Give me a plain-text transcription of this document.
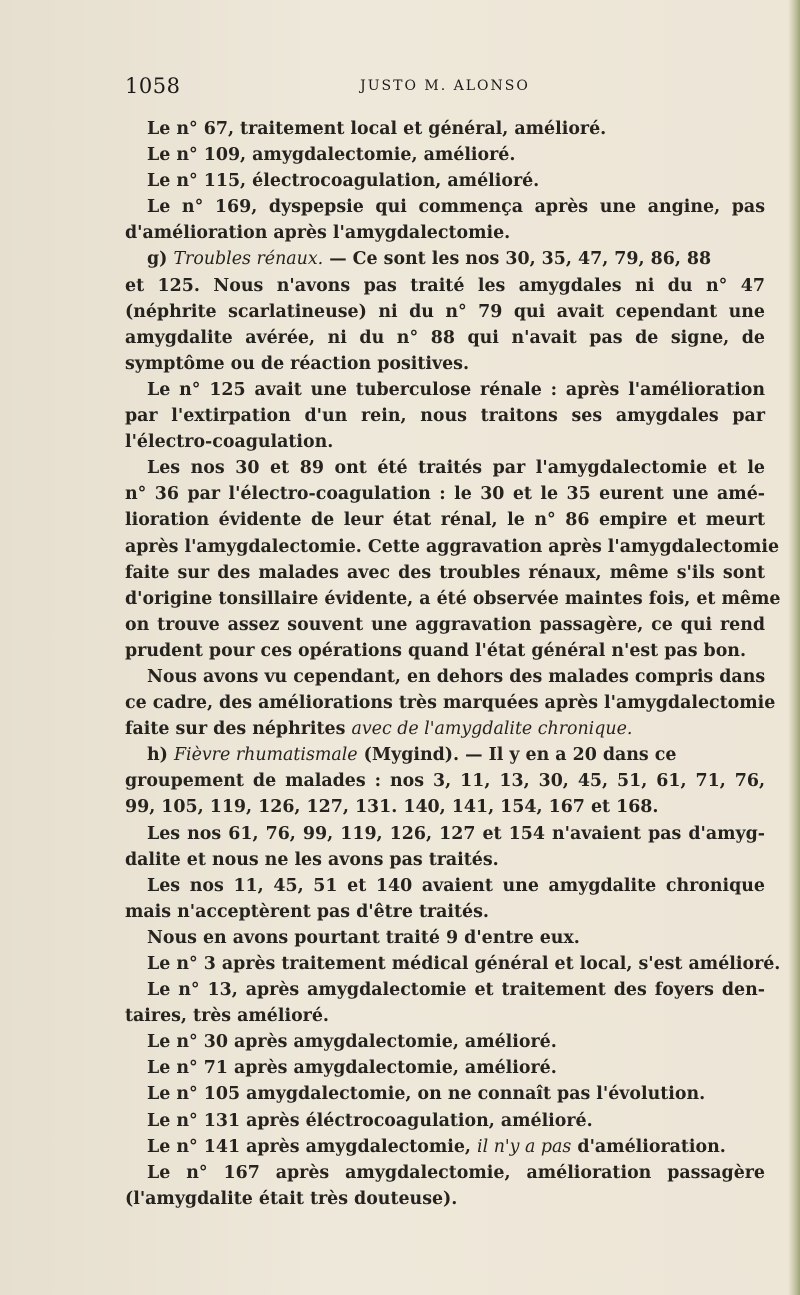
1058	JUSTO M. ALONSO
Le n° 67, traitement local et général, amélioré.
Le n° 109, amygdalectomie, amélioré.
Le n° 115, électrocoagulation, amélioré.
Le n° 169, dyspepsie qui commença après une angine, pas
d'amélioration après l'amygdalectomie.
g) Troubles rénaux. — Ce sont les nos 30, 35, 47, 79, 86, 88
et 125. Nous n'avons pas traité les amygdales ni du n° 47
(néphrite scarlatineuse) ni du n° 79 qui avait cependant une
amygdalite avérée, ni du n° 88 qui n'avait pas de signe, de
symptôme ou de réaction positives.
Le n° 125 avait une tuberculose rénale : après l'amélioration
par l'extirpation d'un rein, nous traitons ses amygdales par
l'électro-coagulation.
Les nos 30 et 89 ont été traités par l'amygdalectomie et le
n° 36 par l'électro-coagulation : le 30 et le 35 eurent une amé-
lioration évidente de leur état rénal, le n° 86 empire et meurt
après l'amygdalectomie. Cette aggravation après l'amygdalectomie
faite sur des malades avec des troubles rénaux, même s'ils sont
d'origine tonsillaire évidente, a été observée maintes fois, et même
on trouve assez souvent une aggravation passagère, ce qui rend
prudent pour ces opérations quand l'état général n'est pas bon.
Nous avons vu cependant, en dehors des malades compris dans
ce cadre, des améliorations très marquées après l'amygdalectomie
faite sur des néphrites avec de l'amygdalite chronique.
h) Fièvre rhumatismale (Mygind). — Il y en a 20 dans ce
groupement de malades : nos 3, 11, 13, 30, 45, 51, 61, 71, 76,
99, 105, 119, 126, 127, 131. 140, 141, 154, 167 et 168.
Les nos 61, 76, 99, 119, 126, 127 et 154 n'avaient pas d'amyg-
dalite et nous ne les avons pas traités.
Les nos 11, 45, 51 et 140 avaient une amygdalite chronique
mais n'acceptèrent pas d'être traités.
Nous en avons pourtant traité 9 d'entre eux.
Le n° 3 après traitement médical général et local, s'est amélioré.
Le n° 13, après amygdalectomie et traitement des foyers den-
taires, très amélioré.
Le n° 30 après amygdalectomie, amélioré.
Le n° 71 après amygdalectomie, amélioré.
Le n° 105 amygdalectomie, on ne connaît pas l'évolution.
Le n° 131 après éléctrocoagulation, amélioré.
Le n° 141 après amygdalectomie, il n'y a pas d'amélioration.
Le n° 167 après amygdalectomie, amélioration passagère
(l'amygdalite était très douteuse).
